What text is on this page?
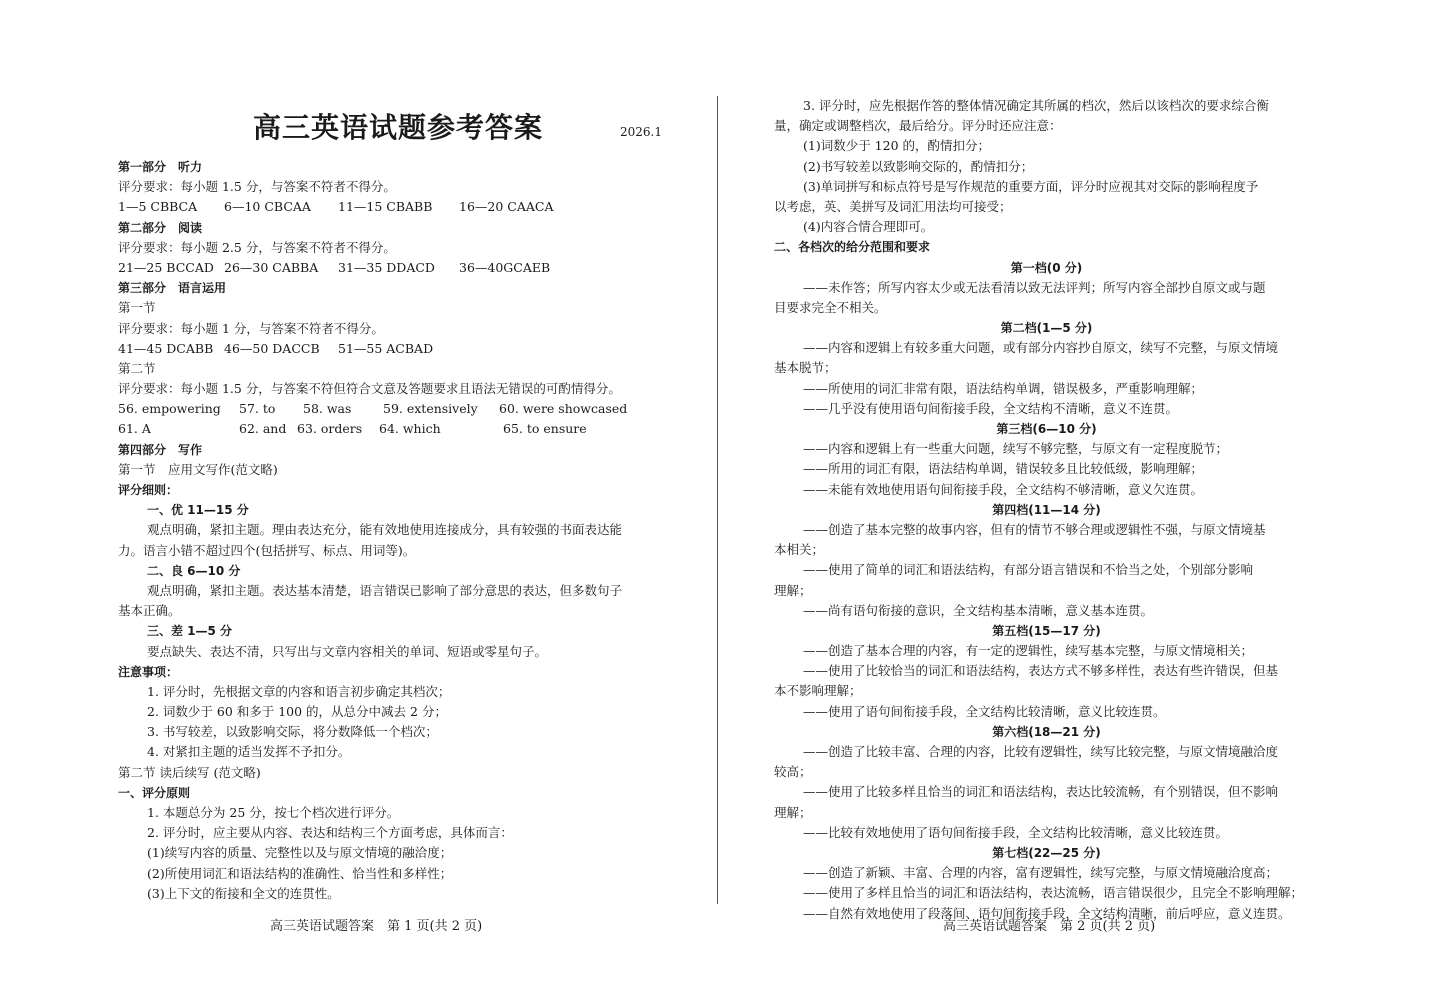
高三英语试题参考答案	2026.1
第一部分　听力
评分要求：每小题 1.5 分，与答案不符者不得分。
1—5 CBBCA 6—10 CBCAA 11—15 CBABB 16—20 CAACA
第二部分　阅读
评分要求：每小题 2.5 分，与答案不符者不得分。
21—25 BCCAD 26—30 CABBA 31—35 DDACD 36—40GCAEB
第三部分　语言运用
第一节
评分要求：每小题 1 分，与答案不符者不得分。
41—45 DCABB 46—50 DACCB 51—55 ACBAD
第二节
评分要求：每小题 1.5 分，与答案不符但符合文意及答题要求且语法无错误的可酌情得分。
56. empowering 57. to 58. was	59. extensively 60. were showcased
61. A	62. and 63. orders 64. which	65. to ensure
第四部分　写作
第一节　应用文写作(范文略)
评分细则：
一、优 11—15 分
观点明确，紧扣主题。理由表达充分，能有效地使用连接成分，具有较强的书面表达能
力。语言小错不超过四个(包括拼写、标点、用词等)。
二、良 6—10 分
观点明确，紧扣主题。表达基本清楚，语言错误已影响了部分意思的表达，但多数句子
基本正确。
三、差 1—5 分
要点缺失、表达不清，只写出与文章内容相关的单词、短语或零星句子。
注意事项：
1. 评分时，先根据文章的内容和语言初步确定其档次；
2. 词数少于 60 和多于 100 的，从总分中减去 2 分；
3. 书写较差，以致影响交际，将分数降低一个档次；
4. 对紧扣主题的适当发挥不予扣分。
第二节 读后续写 (范文略)
一、评分原则
1. 本题总分为 25 分，按七个档次进行评分。
2. 评分时，应主要从内容、表达和结构三个方面考虑，具体而言：
(1)续写内容的质量、完整性以及与原文情境的融洽度；
(2)所使用词汇和语法结构的准确性、恰当性和多样性；
(3)上下文的衔接和全文的连贯性。
高三英语试题答案　第 1 页(共 2 页)
3. 评分时，应先根据作答的整体情况确定其所属的档次，然后以该档次的要求综合衡
量，确定或调整档次，最后给分。评分时还应注意：
(1)词数少于 120 的，酌情扣分；
(2)书写较差以致影响交际的，酌情扣分；
(3)单词拼写和标点符号是写作规范的重要方面，评分时应视其对交际的影响程度予
以考虑，英、美拼写及词汇用法均可接受；
(4)内容合情合理即可。
二、各档次的给分范围和要求
第一档(0 分)
——未作答；所写内容太少或无法看清以致无法评判；所写内容全部抄自原文或与题
目要求完全不相关。
第二档(1—5 分)
——内容和逻辑上有较多重大问题，或有部分内容抄自原文，续写不完整，与原文情境
基本脱节；
——所使用的词汇非常有限，语法结构单调，错误极多，严重影响理解；
——几乎没有使用语句间衔接手段，全文结构不清晰，意义不连贯。
第三档(6—10 分)
——内容和逻辑上有一些重大问题，续写不够完整，与原文有一定程度脱节；
——所用的词汇有限，语法结构单调，错误较多且比较低级，影响理解；
——未能有效地使用语句间衔接手段，全文结构不够清晰，意义欠连贯。
第四档(11—14 分)
——创造了基本完整的故事内容，但有的情节不够合理或逻辑性不强，与原文情境基
本相关；
——使用了简单的词汇和语法结构，有部分语言错误和不恰当之处，个别部分影响
理解；
——尚有语句衔接的意识，全文结构基本清晰，意义基本连贯。
第五档(15—17 分)
——创造了基本合理的内容，有一定的逻辑性，续写基本完整，与原文情境相关；
——使用了比较恰当的词汇和语法结构，表达方式不够多样性，表达有些许错误，但基
本不影响理解；
——使用了语句间衔接手段，全文结构比较清晰，意义比较连贯。
第六档(18—21 分)
——创造了比较丰富、合理的内容，比较有逻辑性，续写比较完整，与原文情境融洽度
较高；
——使用了比较多样且恰当的词汇和语法结构，表达比较流畅，有个别错误，但不影响
理解；
——比较有效地使用了语句间衔接手段，全文结构比较清晰，意义比较连贯。
第七档(22—25 分)
——创造了新颖、丰富、合理的内容，富有逻辑性，续写完整，与原文情境融洽度高；
——使用了多样且恰当的词汇和语法结构，表达流畅，语言错误很少，且完全不影响理解；
——自然有效地使用了段落间、语句间衔接手段，全文结构清晰，前后呼应，意义连贯。
高三英语试题答案　第 2 页(共 2 页)
